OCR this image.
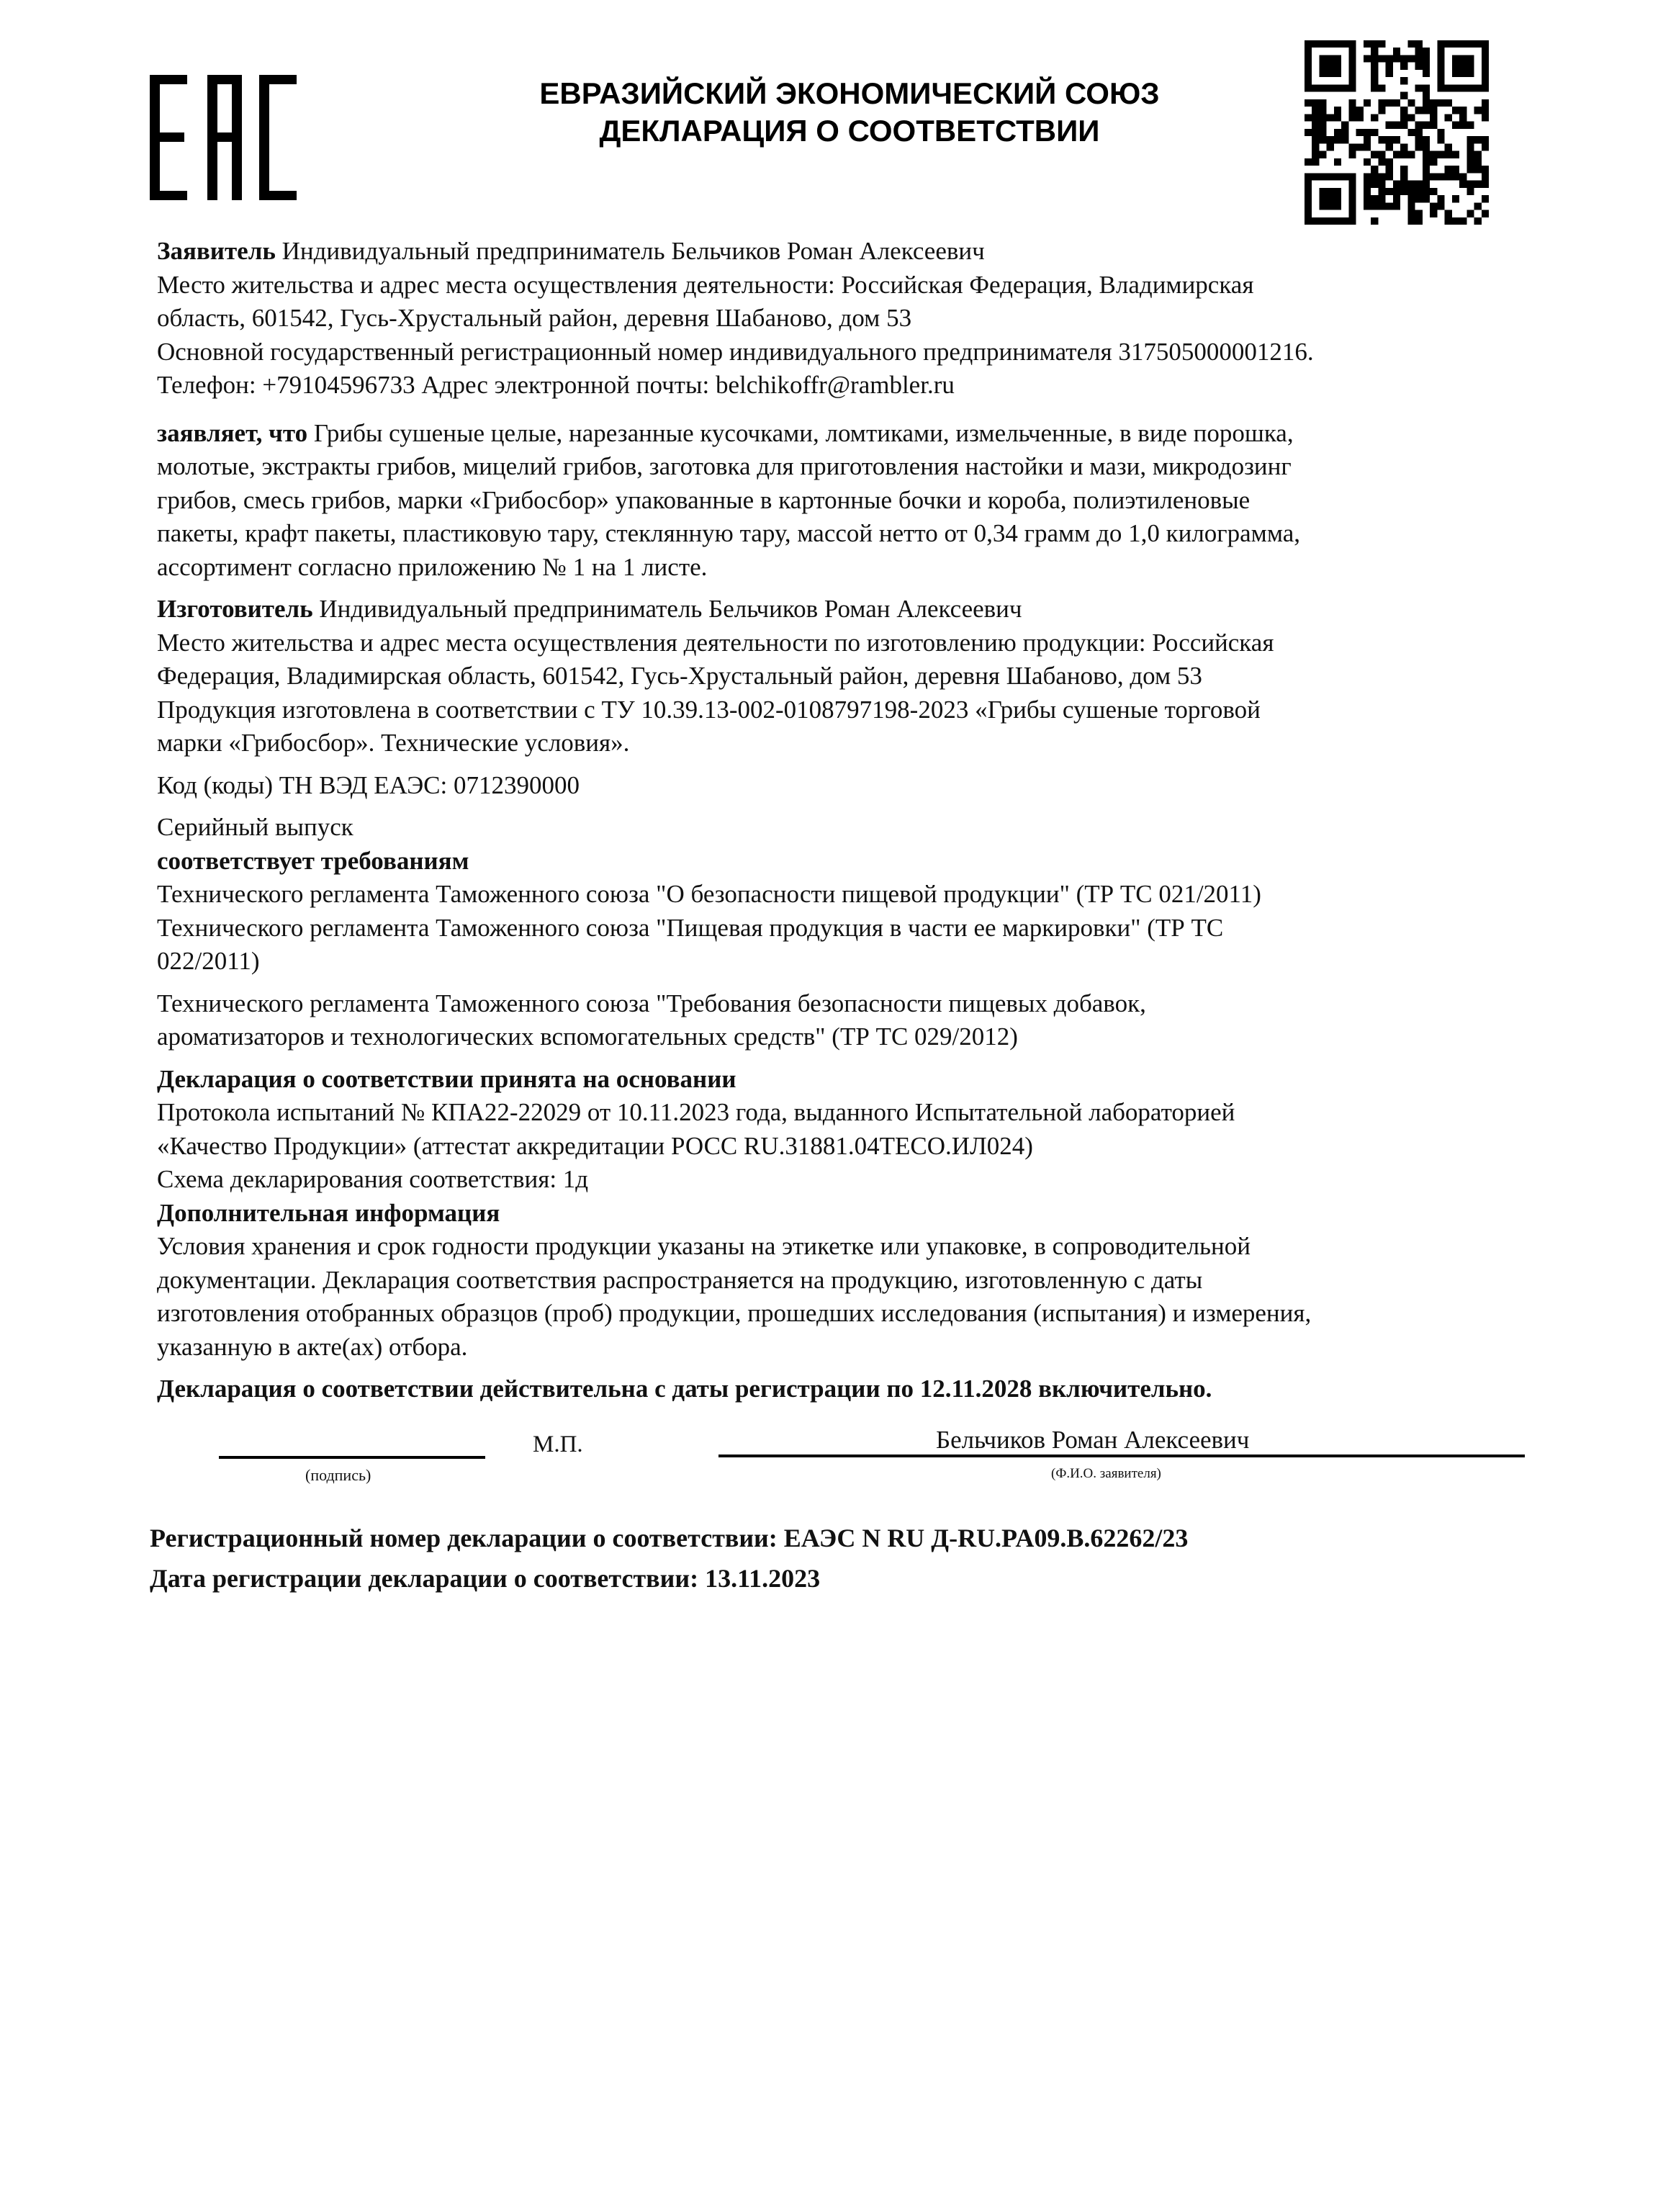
ЕВРАЗИЙСКИЙ ЭКОНОМИЧЕСКИЙ СОЮЗ
ДЕКЛАРАЦИЯ О СООТВЕТСТВИИ

Заявитель Индивидуальный предприниматель Бельчиков Роман Алексеевич

Место жительства и адрес места осуществления деятельности: Российская Федерация, Владимирская

область, 601542, Гусь-Хрустальный район, деревня Шабаново, дом 53

Основной государственный регистрационный номер индивидуального предпринимателя 317505000001216.

Телефон: +79104596733 Адрес электронной почты: belchikoffr@rambler.ru

заявляет, что Грибы сушеные целые, нарезанные кусочками, ломтиками, измельченные, в виде порошка,

молотые, экстракты грибов, мицелий грибов, заготовка для приготовления настойки и мази, микродозинг

грибов, смесь грибов, марки «Грибосбор» упакованные в картонные бочки и короба, полиэтиленовые

пакеты, крафт пакеты, пластиковую тару, стеклянную тару, массой нетто от 0,34 грамм до 1,0 килограмма,

ассортимент согласно приложению № 1 на 1 листе.

Изготовитель Индивидуальный предприниматель Бельчиков Роман Алексеевич

Место жительства и адрес места осуществления деятельности по изготовлению продукции: Российская

Федерация, Владимирская область, 601542, Гусь-Хрустальный район, деревня Шабаново, дом 53

Продукция изготовлена в соответствии с ТУ 10.39.13-002-0108797198-2023 «Грибы сушеные торговой

марки «Грибосбор». Технические условия».

Код (коды) ТН ВЭД ЕАЭС: 0712390000

Серийный выпуск

соответствует требованиям

Технического регламента Таможенного союза "О безопасности пищевой продукции" (ТР ТС 021/2011)

Технического регламента Таможенного союза "Пищевая продукция в части ее маркировки" (ТР ТС

022/2011)

Технического регламента Таможенного союза "Требования безопасности пищевых добавок,

ароматизаторов и технологических вспомогательных средств" (ТР ТС 029/2012)

Декларация о соответствии принята на основании

Протокола испытаний № КПА22-22029 от 10.11.2023 года, выданного Испытательной лабораторией

«Качество Продукции» (аттестат аккредитации РОСС RU.31881.04ТЕСО.ИЛ024)

Схема декларирования соответствия: 1д

Дополнительная информация

Условия хранения и срок годности продукции указаны на этикетке или упаковке, в сопроводительной

документации. Декларация соответствия распространяется на продукцию, изготовленную с даты

изготовления отобранных образцов (проб) продукции, прошедших исследования (испытания) и измерения,

указанную в акте(ах) отбора.

Декларация о соответствии действительна с даты регистрации по 12.11.2028 включительно.
М.П.	Бельчиков Роман Алексеевич
(подпись)	(Ф.И.О. заявителя)

Регистрационный номер декларации о соответствии: ЕАЭС N RU Д-RU.PA09.B.62262/23

Дата регистрации декларации о соответствии: 13.11.2023
